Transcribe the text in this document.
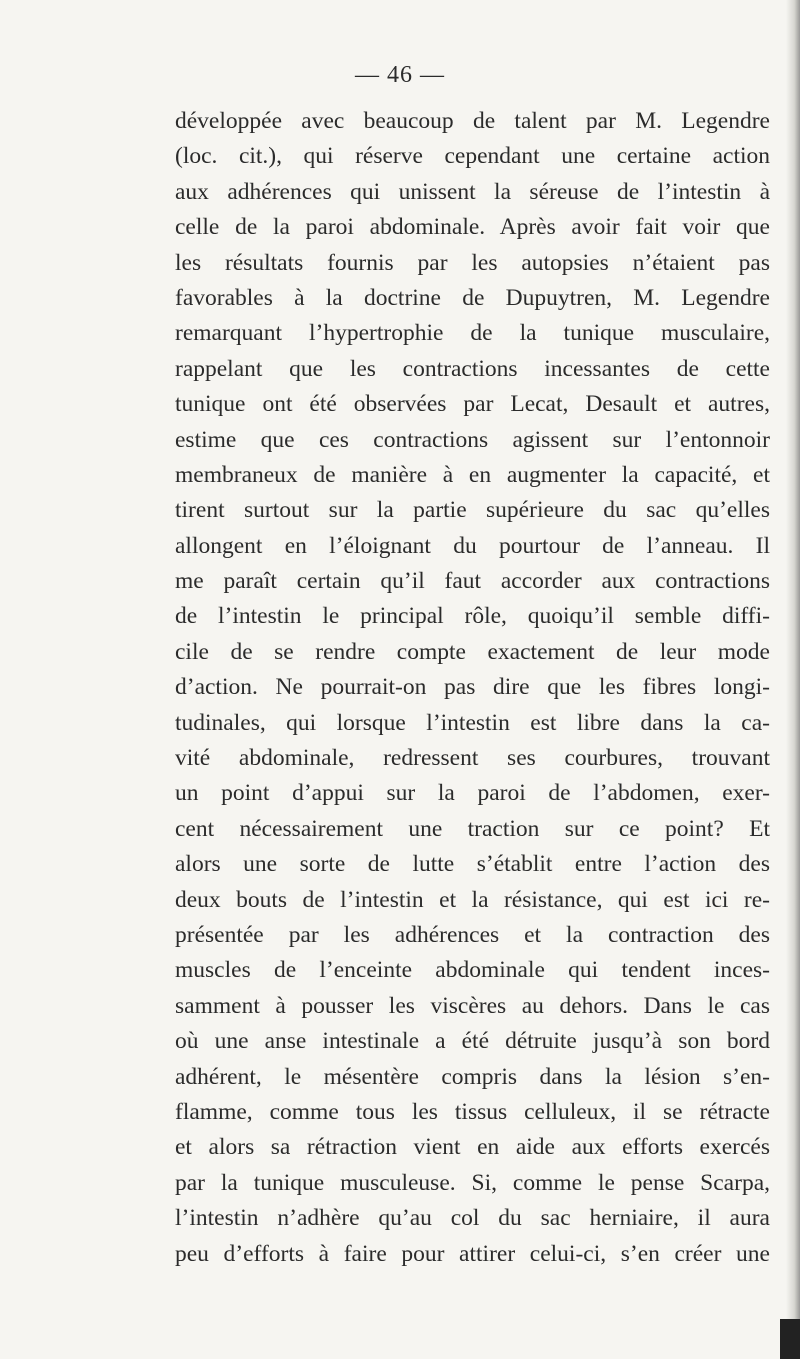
— 46 —
développée avec beaucoup de talent par M. Legendre
(loc. cit.), qui réserve cependant une certaine action
aux adhérences qui unissent la séreuse de l’intestin à
celle de la paroi abdominale. Après avoir fait voir que
les résultats fournis par les autopsies n’étaient pas
favorables à la doctrine de Dupuytren, M. Legendre
remarquant l’hypertrophie de la tunique musculaire,
rappelant que les contractions incessantes de cette
tunique ont été observées par Lecat, Desault et autres,
estime que ces contractions agissent sur l’entonnoir
membraneux de manière à en augmenter la capacité, et
tirent surtout sur la partie supérieure du sac qu’elles
allongent en l’éloignant du pourtour de l’anneau. Il
me paraît certain qu’il faut accorder aux contractions
de l’intestin le principal rôle, quoiqu’il semble diffi-
cile de se rendre compte exactement de leur mode
d’action. Ne pourrait-on pas dire que les fibres longi-
tudinales, qui lorsque l’intestin est libre dans la ca-
vité abdominale, redressent ses courbures, trouvant
un point d’appui sur la paroi de l’abdomen, exer-
cent nécessairement une traction sur ce point? Et
alors une sorte de lutte s’établit entre l’action des
deux bouts de l’intestin et la résistance, qui est ici re-
présentée par les adhérences et la contraction des
muscles de l’enceinte abdominale qui tendent inces-
samment à pousser les viscères au dehors. Dans le cas
où une anse intestinale a été détruite jusqu’à son bord
adhérent, le mésentère compris dans la lésion s’en-
flamme, comme tous les tissus celluleux, il se rétracte
et alors sa rétraction vient en aide aux efforts exercés
par la tunique musculeuse. Si, comme le pense Scarpa,
l’intestin n’adhère qu’au col du sac herniaire, il aura
peu d’efforts à faire pour attirer celui-ci, s’en créer une
